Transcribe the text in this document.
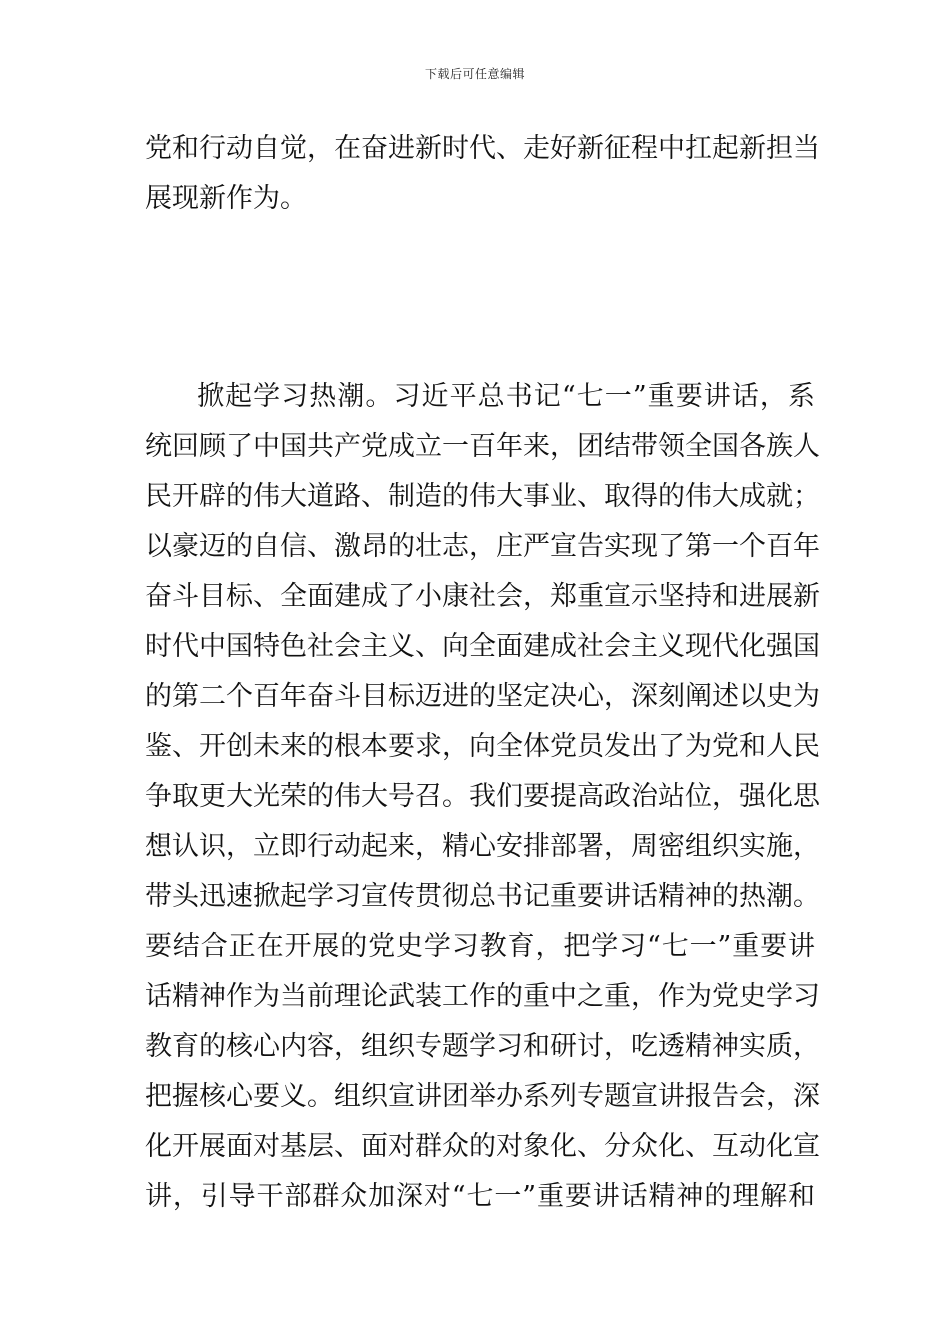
下载后可任意编辑
党和行动自觉，在奋进新时代、走好新征程中扛起新担当
展现新作为。
掀起学习热潮。习近平总书记“七一”重要讲话，系
统回顾了中国共产党成立一百年来，团结带领全国各族人
民开辟的伟大道路、制造的伟大事业、取得的伟大成就；
以豪迈的自信、激昂的壮志，庄严宣告实现了第一个百年
奋斗目标、全面建成了小康社会，郑重宣示坚持和进展新
时代中国特色社会主义、向全面建成社会主义现代化强国
的第二个百年奋斗目标迈进的坚定决心，深刻阐述以史为
鉴、开创未来的根本要求，向全体党员发出了为党和人民
争取更大光荣的伟大号召。我们要提高政治站位，强化思
想认识，立即行动起来，精心安排部署，周密组织实施，
带头迅速掀起学习宣传贯彻总书记重要讲话精神的热潮。
要结合正在开展的党史学习教育，把学习“七一”重要讲
话精神作为当前理论武装工作的重中之重，作为党史学习
教育的核心内容，组织专题学习和研讨，吃透精神实质，
把握核心要义。组织宣讲团举办系列专题宣讲报告会，深
化开展面对基层、面对群众的对象化、分众化、互动化宣
讲，引导干部群众加深对“七一”重要讲话精神的理解和
